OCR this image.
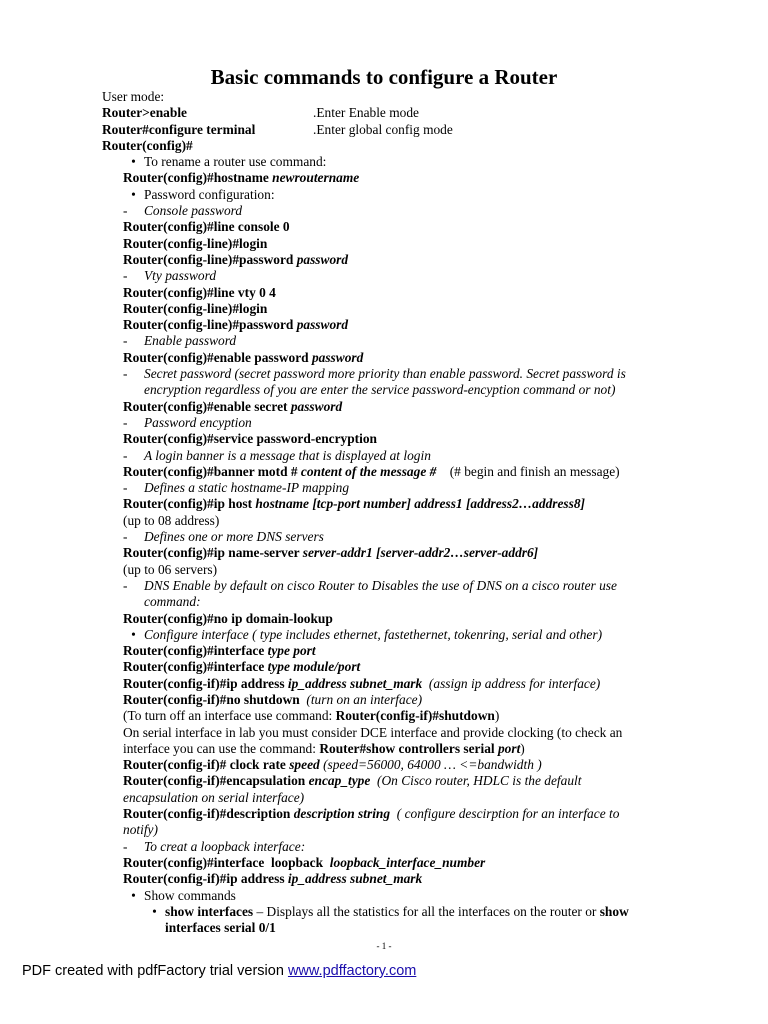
Basic commands to configure a Router
User mode:
Router>enable	.Enter Enable mode
Router#configure terminal	.Enter global config mode
Router(config)#
• To rename a router use command:
Router(config)#hostname newroutername
• Password configuration:
- Console password
Router(config)#line console 0
Router(config-line)#login
Router(config-line)#password password
- Vty password
Router(config)#line vty 0 4
Router(config-line)#login
Router(config-line)#password password
- Enable password
Router(config)#enable password password
- Secret password (secret password more priority than enable password. Secret password is
encryption regardless of you are enter the service password-encyption command or not)
Router(config)#enable secret password
- Password encyption
Router(config)#service password-encryption
- A login banner is a message that is displayed at login
Router(config)#banner motd # content of the message #    (# begin and finish an message)
- Defines a static hostname-IP mapping
Router(config)#ip host hostname [tcp-port number] address1 [address2…address8]
(up to 08 address)
- Defines one or more DNS servers
Router(config)#ip name-server server-addr1 [server-addr2…server-addr6]
(up to 06 servers)
- DNS Enable by default on cisco Router to Disables the use of DNS on a cisco router use
command:
Router(config)#no ip domain-lookup
• Configure interface ( type includes ethernet, fastethernet, tokenring, serial and other)
Router(config)#interface type port
Router(config)#interface type module/port
Router(config-if)#ip address ip_address subnet_mark  (assign ip address for interface)
Router(config-if)#no shutdown  (turn on an interface)
(To turn off an interface use command: Router(config-if)#shutdown)
On serial interface in lab you must consider DCE interface and provide clocking (to check an
interface you can use the command: Router#show controllers serial port)
Router(config-if)# clock rate speed (speed=56000, 64000 … <=bandwidth )
Router(config-if)#encapsulation encap_type  (On Cisco router, HDLC is the default
encapsulation on serial interface)
Router(config-if)#description description string  ( configure descirption for an interface to
notify)
- To creat a loopback interface:
Router(config)#interface  loopback  loopback_interface_number
Router(config-if)#ip address ip_address subnet_mark
• Show commands
• show interfaces – Displays all the statistics for all the interfaces on the router or show
interfaces serial 0/1
- 1 -
PDF created with pdfFactory trial version www.pdffactory.com
